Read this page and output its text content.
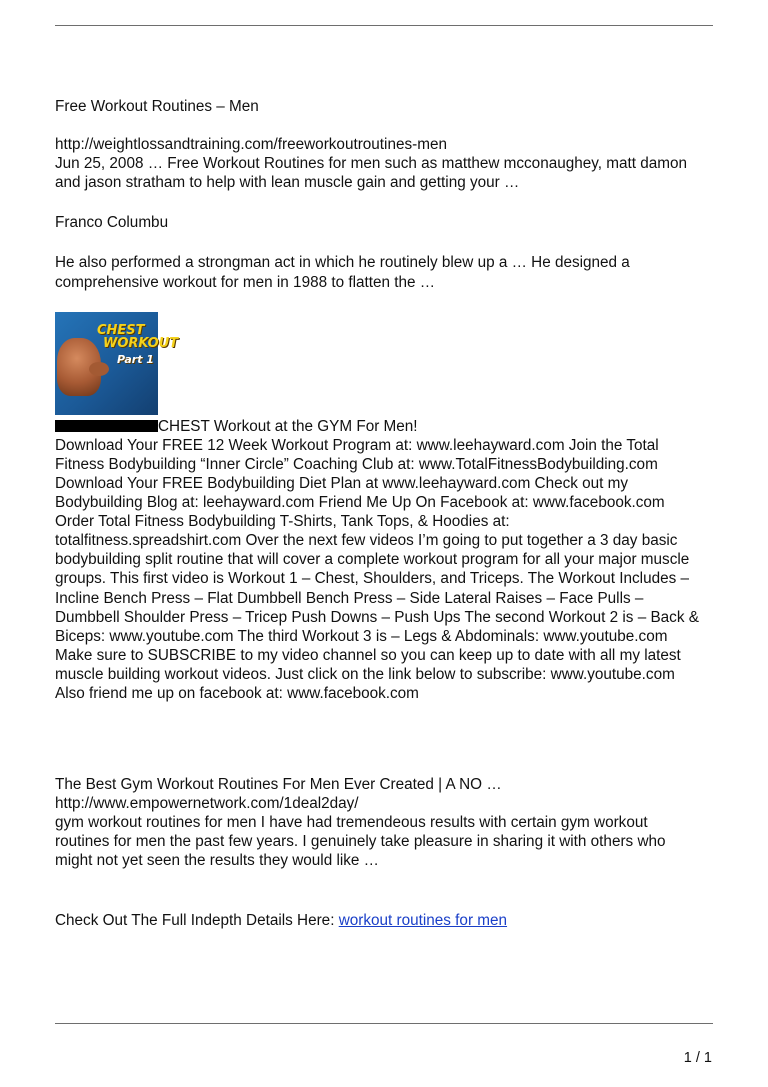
Free Workout Routines – Men
http://weightlossandtraining.com/freeworkoutroutines-men
Jun 25, 2008 … Free Workout Routines for men such as matthew mcconaughey, matt damon
and jason stratham to help with lean muscle gain and getting your …
Franco Columbu
He also performed a strongman act in which he routinely blew up a … He designed a
comprehensive workout for men in 1988 to flatten the …
CHEST
WORKOUT
Part 1
CHEST Workout at the GYM For Men!
Download Your FREE 12 Week Workout Program at: www.leehayward.com Join the Total
Fitness Bodybuilding “Inner Circle” Coaching Club at: www.TotalFitnessBodybuilding.com
Download Your FREE Bodybuilding Diet Plan at www.leehayward.com Check out my
Bodybuilding Blog at: leehayward.com Friend Me Up On Facebook at: www.facebook.com
Order Total Fitness Bodybuilding T-Shirts, Tank Tops, & Hoodies at:
totalfitness.spreadshirt.com Over the next few videos I’m going to put together a 3 day basic
bodybuilding split routine that will cover a complete workout program for all your major muscle
groups. This first video is Workout 1 – Chest, Shoulders, and Triceps. The Workout Includes –
Incline Bench Press – Flat Dumbbell Bench Press – Side Lateral Raises – Face Pulls –
Dumbbell Shoulder Press – Tricep Push Downs – Push Ups The second Workout 2 is – Back &
Biceps: www.youtube.com The third Workout 3 is – Legs & Abdominals: www.youtube.com
Make sure to SUBSCRIBE to my video channel so you can keep up to date with all my latest
muscle building workout videos. Just click on the link below to subscribe: www.youtube.com
Also friend me up on facebook at: www.facebook.com
The Best Gym Workout Routines For Men Ever Created | A NO …
http://www.empowernetwork.com/1deal2day/
gym workout routines for men I have had tremendeous results with certain gym workout
routines for men the past few years. I genuinely take pleasure in sharing it with others who
might not yet seen the results they would like …
Check Out The Full Indepth Details Here: workout routines for men
1 / 1
